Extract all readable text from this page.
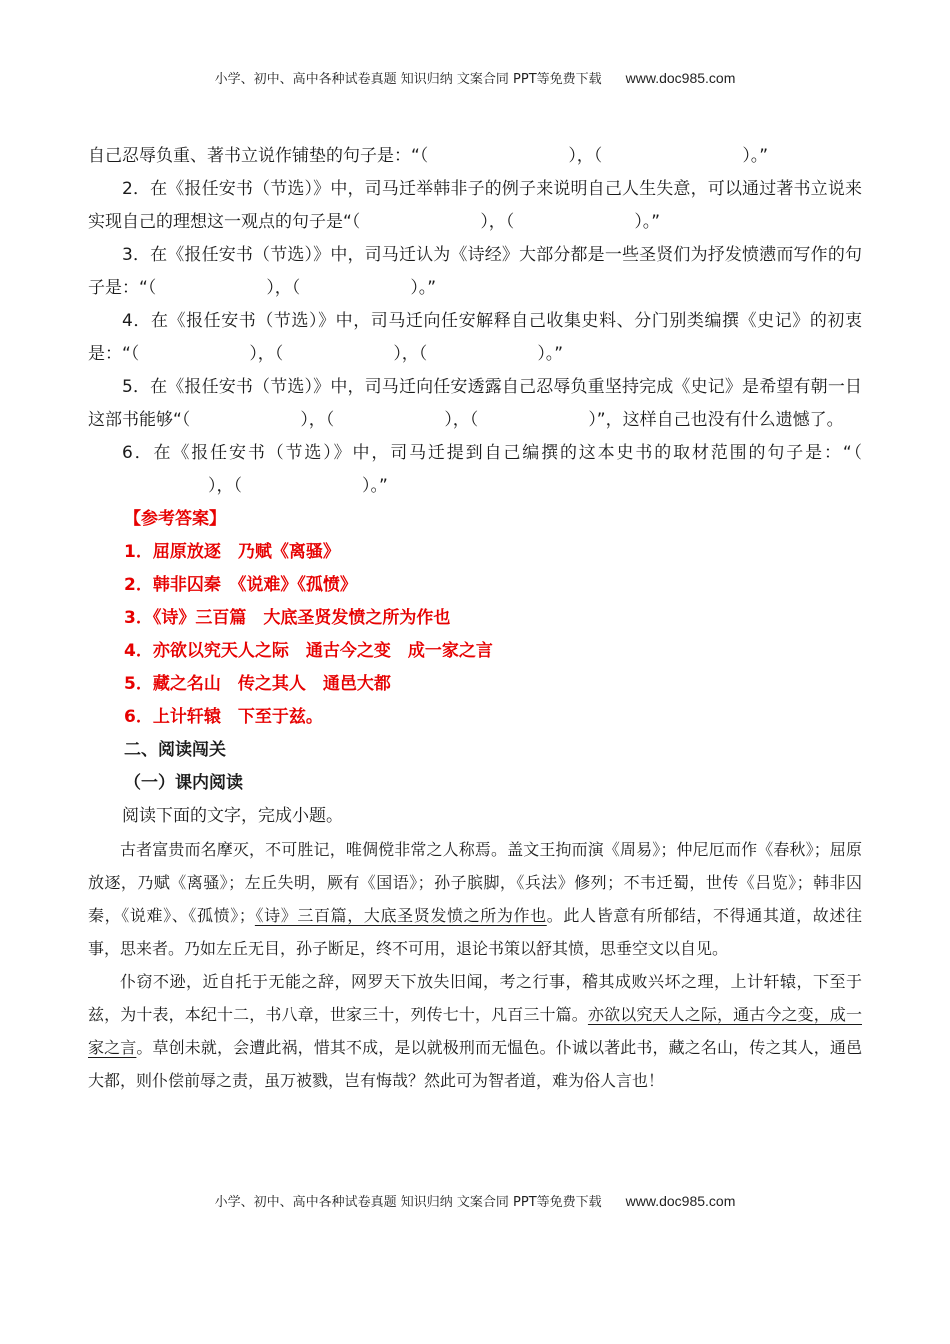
小学、初中、高中各种试卷真题 知识归纳 文案合同 PPT等免费下载 www.doc985.com

自己忍辱负重、著书立说作铺垫的句子是：“（	），（	）。”

2．在《报任安书（节选）》中，司马迁举韩非子的例子来说明自己人生失意，可以通过著书立说来实现自己的理想这一观点的句子是“（	），（	）。”

3．在《报任安书（节选）》中，司马迁认为《诗经》大部分都是一些圣贤们为抒发愤懑而写作的句子是：“（	），（	）。”

4．在《报任安书（节选）》中，司马迁向任安解释自己收集史料、分门别类编撰《史记》的初衷是：“（	），（	），（	）。”

5．在《报任安书（节选）》中，司马迁向任安透露自己忍辱负重坚持完成《史记》是希望有朝一日这部书能够“（	），（	），（	）”，这样自己也没有什么遗憾了。

6．在《报任安书（节选）》中，司马迁提到自己编撰的这本史书的取材范围的句子是：“（），（	）。”

【参考答案】

1．屈原放逐　乃赋《离骚》

2．韩非囚秦　《说难》《孤愤》

3．《诗》三百篇　大底圣贤发愤之所为作也

4．亦欲以究天人之际　通古今之变　成一家之言

5．藏之名山　传之其人　通邑大都

6．上计轩辕　下至于兹。

二、阅读闯关

（一）课内阅读

阅读下面的文字，完成小题。

古者富贵而名摩灭，不可胜记，唯倜傥非常之人称焉。盖文王拘而演《周易》；仲尼厄而作《春秋》；屈原放逐，乃赋《离骚》；左丘失明，厥有《国语》；孙子膑脚，《兵法》修列；不韦迁蜀，世传《吕览》；韩非囚秦，《说难》、《孤愤》；《诗》三百篇，大底圣贤发愤之所为作也。此人皆意有所郁结，不得通其道，故述往事，思来者。乃如左丘无目，孙子断足，终不可用，退论书策以舒其愤，思垂空文以自见。

仆窃不逊，近自托于无能之辞，网罗天下放失旧闻，考之行事，稽其成败兴坏之理，上计轩辕，下至于兹，为十表，本纪十二，书八章，世家三十，列传七十，凡百三十篇。亦欲以究天人之际，通古今之变，成一家之言。草创未就，会遭此祸，惜其不成，是以就极刑而无愠色。仆诚以著此书，藏之名山，传之其人，通邑大都，则仆偿前辱之责，虽万被戮，岂有悔哉？然此可为智者道，难为俗人言也！

小学、初中、高中各种试卷真题 知识归纳 文案合同 PPT等免费下载 www.doc985.com
